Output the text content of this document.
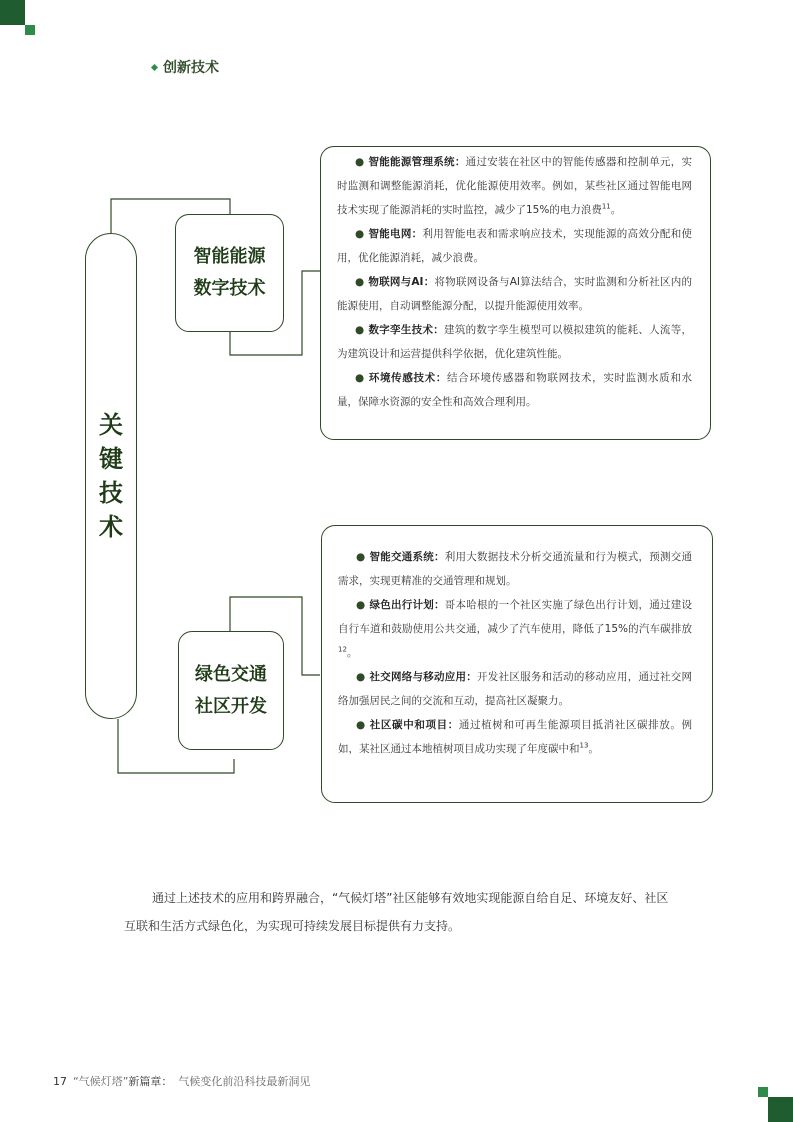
创新技术
关键技术
智能能源
数字技术
● 智能能源管理系统：通过安装在社区中的智能传感器和控制单元，实时监测和调整能源消耗，优化能源使用效率。例如，某些社区通过智能电网技术实现了能源消耗的实时监控，减少了15%的电力浪费$^{11}$。
● 智能电网：利用智能电表和需求响应技术，实现能源的高效分配和使用，优化能源消耗，减少浪费。
● 物联网与AI：将物联网设备与AI算法结合，实时监测和分析社区内的能源使用，自动调整能源分配，以提升能源使用效率。
● 数字孪生技术：建筑的数字孪生模型可以模拟建筑的能耗、人流等，为建筑设计和运营提供科学依据，优化建筑性能。
● 环境传感技术：结合环境传感器和物联网技术，实时监测水质和水量，保障水资源的安全性和高效合理利用。
绿色交通
社区开发
● 智能交通系统：利用大数据技术分析交通流量和行为模式，预测交通需求，实现更精准的交通管理和规划。
● 绿色出行计划：哥本哈根的一个社区实施了绿色出行计划，通过建设自行车道和鼓励使用公共交通，减少了汽车使用，降低了15%的汽车碳排放$^{12}$。
● 社交网络与移动应用：开发社区服务和活动的移动应用，通过社交网络加强居民之间的交流和互动，提高社区凝聚力。
● 社区碳中和项目：通过植树和可再生能源项目抵消社区碳排放。例如，某社区通过本地植树项目成功实现了年度碳中和$^{13}$。
通过上述技术的应用和跨界融合，“气候灯塔”社区能够有效地实现能源自给自足、环境友好、社区互联和生活方式绿色化，为实现可持续发展目标提供有力支持。
17 “气候灯塔”新篇章： 气候变化前沿科技最新洞见
